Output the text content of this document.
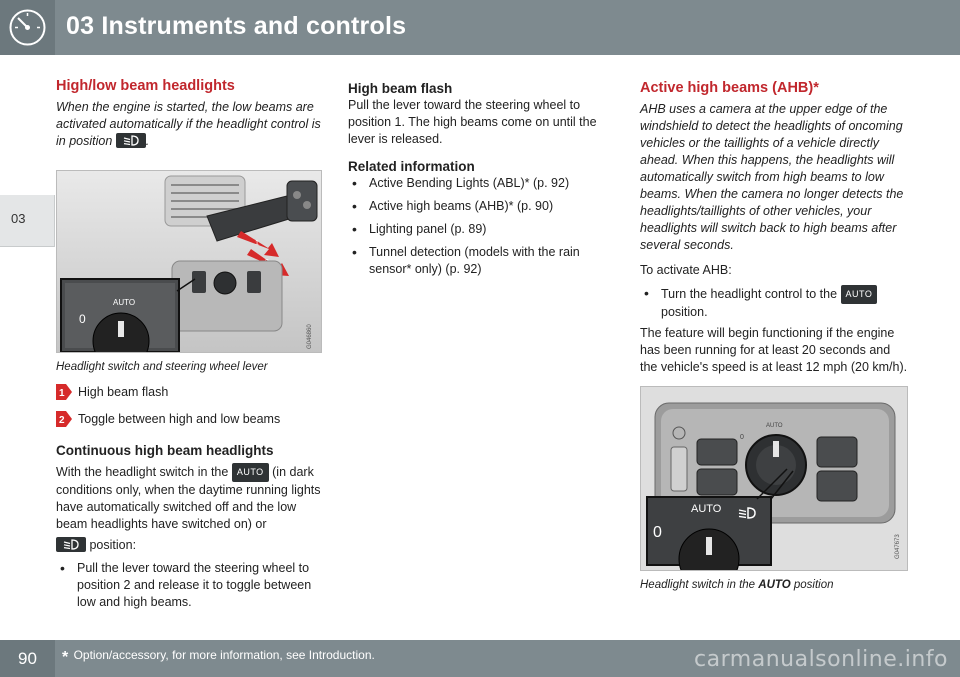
03 Instruments and controls
03
High/low beam headlights

When the engine is started, the low beams are activated automatically if the headlight control is in position	.

1
AUTO
0
G046860
Headlight switch and steering wheel lever
1 High beam flash
2 Toggle between high and low beams
Continuous high beam headlights

With the headlight switch in the AUTO (in dark conditions only, when the daytime running lights have automatically switched off and the low beam headlights have switched on) or

position:

• Pull the lever toward the steering wheel to position 2 and release it to toggle between low and high beams.
High beam flash

Pull the lever toward the steering wheel to position 1. The high beams come on until the lever is released.

Related information
• Active Bending Lights (ABL)* (p. 92)
• Active high beams (AHB)* (p. 90)
• Lighting panel (p. 89)
• Tunnel detection (models with the rain sensor* only) (p. 92)
Active high beams (AHB)*

AHB uses a camera at the upper edge of the windshield to detect the headlights of oncoming vehicles or the taillights of a vehicle directly ahead. When this happens, the headlights will automatically switch from high beams to low beams. When the camera no longer detects the headlights/taillights of other vehicles, your headlights will switch back to high beams after several seconds.

To activate AHB:

• Turn the headlight control to the AUTO position.

The feature will begin functioning if the engine has been running for at least 20 seconds and the vehicle's speed is at least 12 mph (20 km/h).

0
AUTO
AUTO
0
G047673
Headlight switch in the AUTO position
90	* Option/accessory, for more information, see Introduction.	carmanualsonline.info
